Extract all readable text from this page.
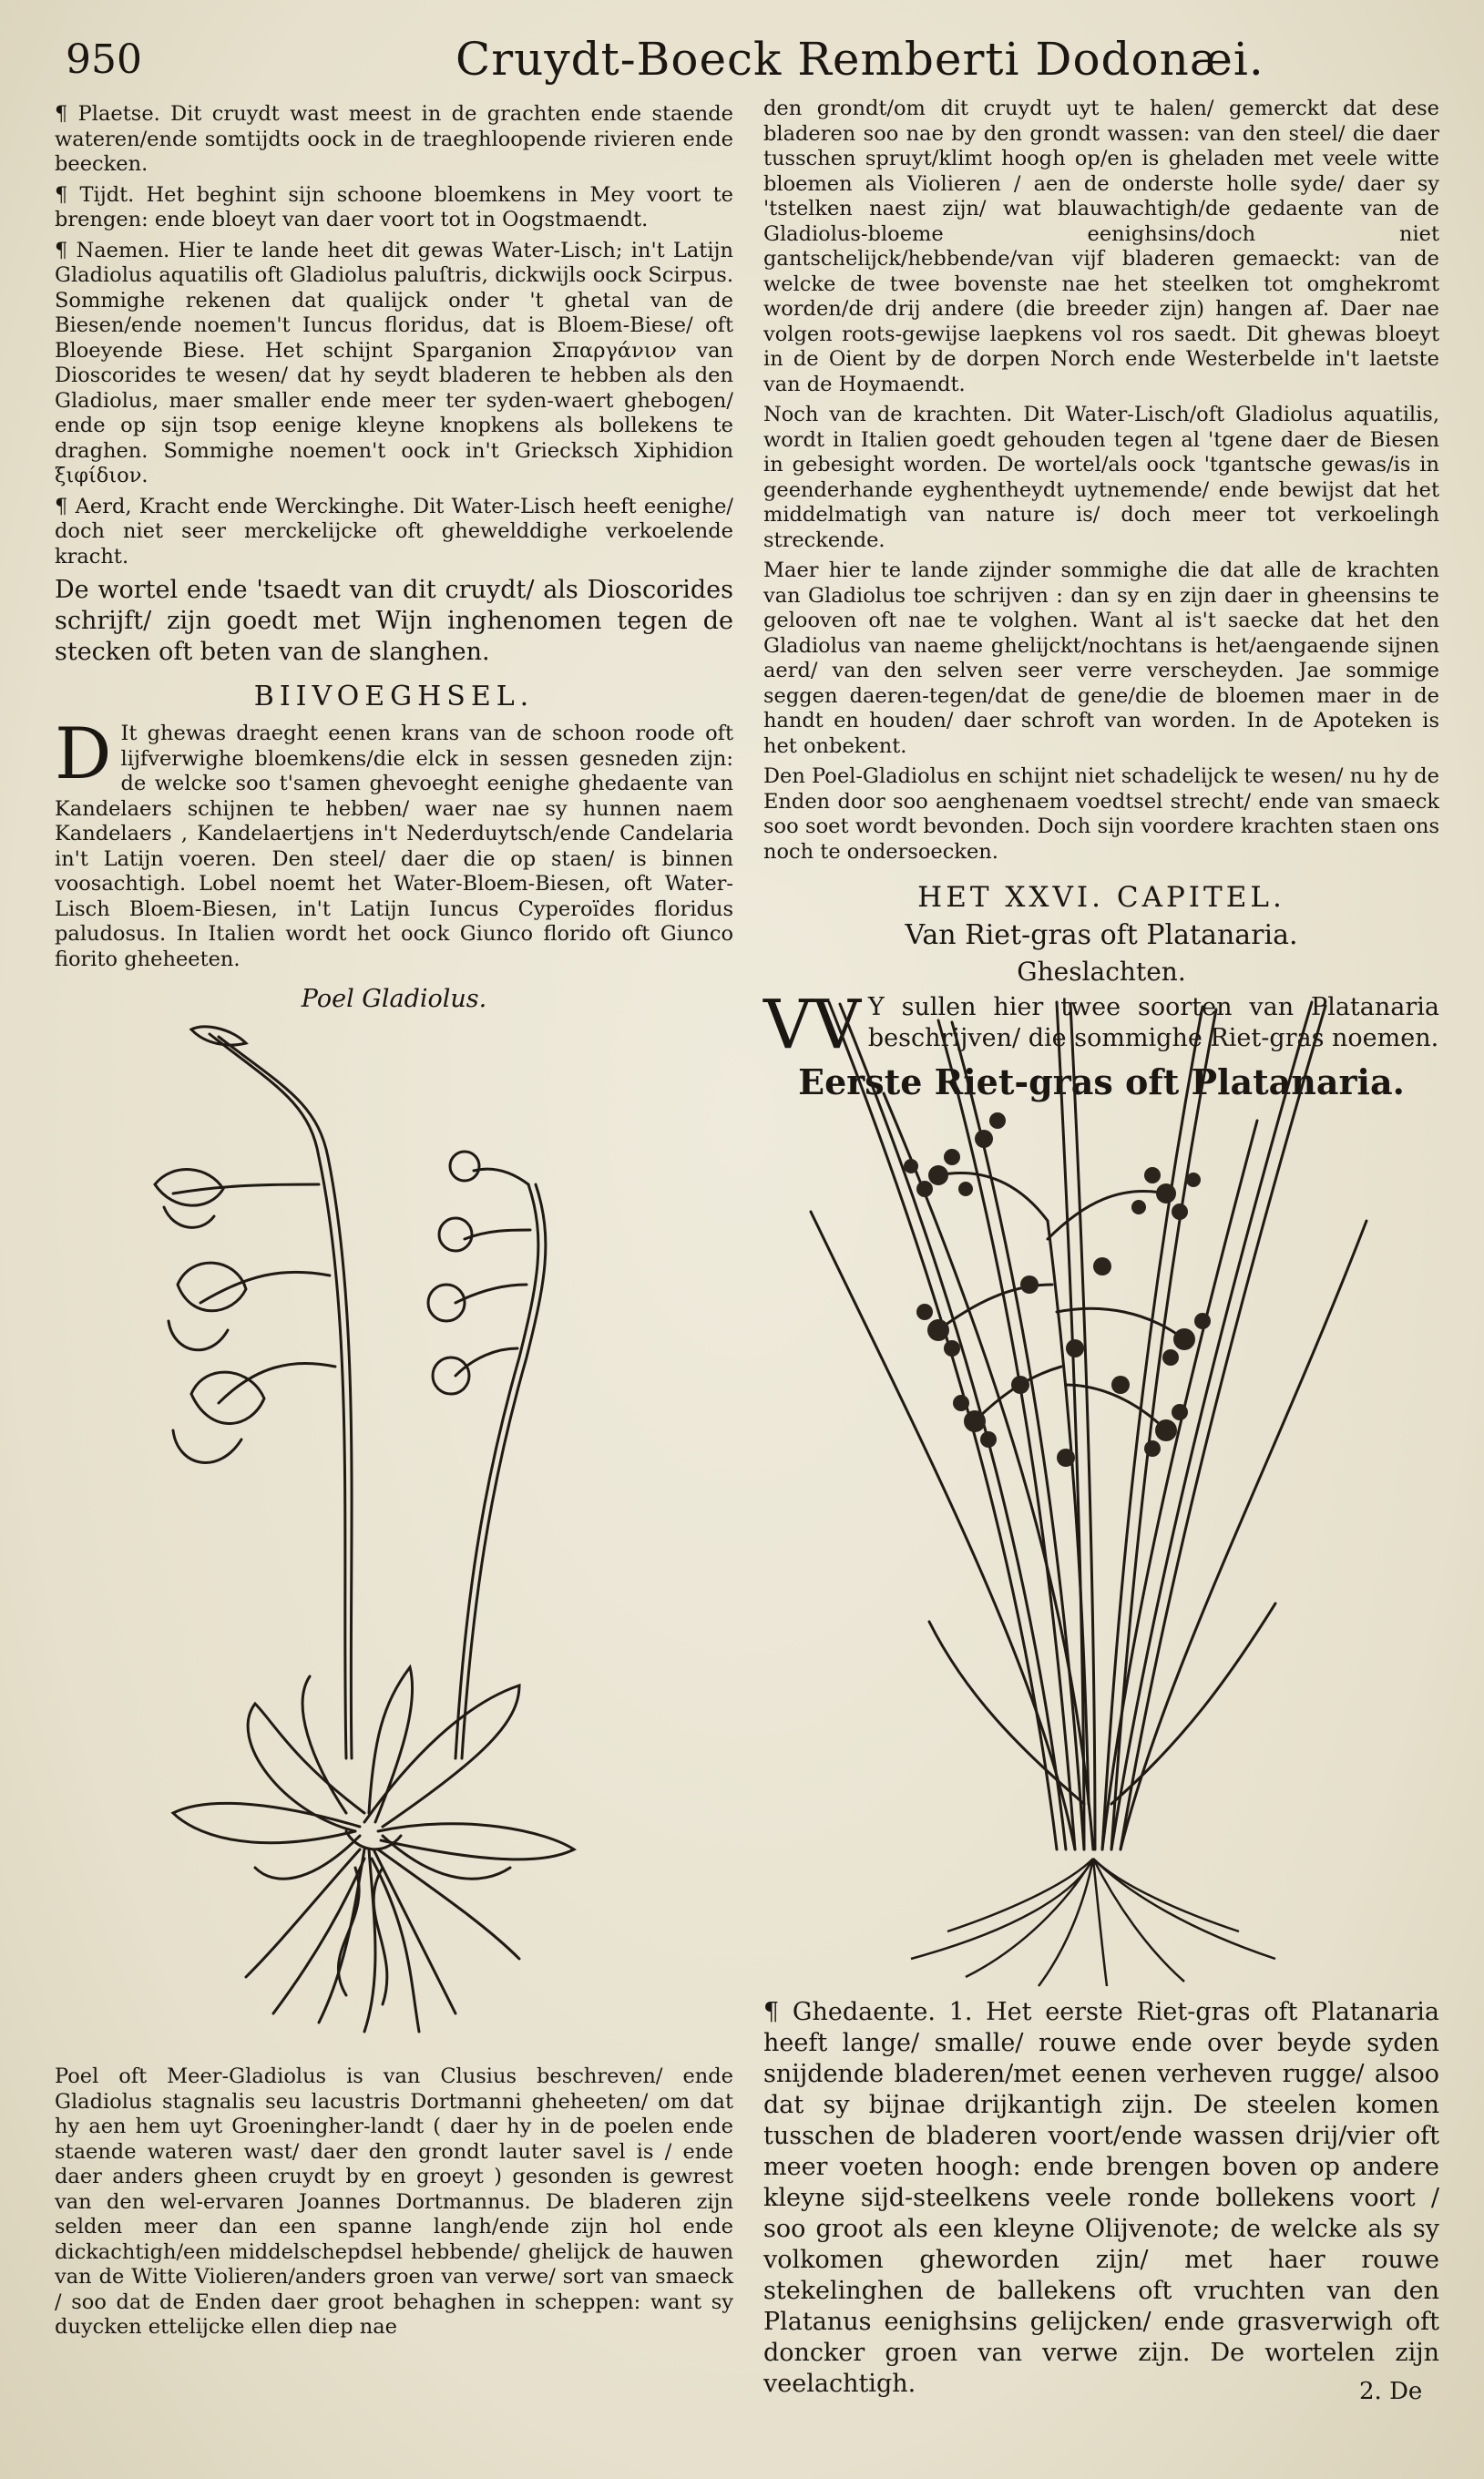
950	Cruydt-Boeck Remberti Dodonæi.

¶ Plaetse. Dit cruydt wast meest in de grachten ende staende wateren/ende somtijdts oock in de traeghloopende rivieren ende beecken.

¶ Tijdt. Het beghint sijn schoone bloemkens in Mey voort te brengen: ende bloeyt van daer voort tot in Oogstmaendt.

¶ Naemen. Hier te lande heet dit gewas Water-Lisch; in't Latijn Gladiolus aquatilis oft Gladiolus paluſtris, dickwijls oock Scirpus. Sommighe rekenen dat qualijck onder 't ghetal van de Biesen/ende noemen't Iuncus floridus, dat is Bloem-Biese/ oft Bloeyende Biese. Het schijnt Sparganion Σπαργάνιον van Dioscorides te wesen/ dat hy seydt bladeren te hebben als den Gladiolus, maer smaller ende meer ter syden-waert ghebogen/ ende op sijn tsop eenige kleyne knopkens als bollekens te draghen. Sommighe noemen't oock in't Griecksch Xiphidion ξιφίδιον.

¶ Aerd, Kracht ende Werckinghe. Dit Water-Lisch heeft eenighe/ doch niet seer merckelijcke oft ghewelddighe verkoelende kracht.

De wortel ende 'tsaedt van dit cruydt/ als Dioscorides schrijft/ zijn goedt met Wijn inghenomen tegen de stecken oft beten van de slanghen.

BIIVOEGHSEL.

D It ghewas draeght eenen krans van de schoon roode oft lijfverwighe bloemkens/die elck in sessen gesneden zijn: de welcke soo t'samen ghevoeght eenighe ghedaente van Kandelaers schijnen te hebben/ waer nae sy hunnen naem Kandelaers , Kandelaertjens in't Nederduytsch/ende Candelaria in't Latijn voeren. Den steel/ daer die op staen/ is binnen voosachtigh. Lobel noemt het Water-Bloem-Biesen, oft Water-Lisch Bloem-Biesen, in't Latijn Iuncus Cyperoïdes floridus paludosus. In Italien wordt het oock Giunco florido oft Giunco fiorito gheheeten.

Poel Gladiolus.

Poel oft Meer-Gladiolus is van Clusius beschreven/ ende Gladiolus stagnalis seu lacustris Dortmanni gheheeten/ om dat hy aen hem uyt Groeningher-landt ( daer hy in de poelen ende staende wateren wast/ daer den grondt lauter savel is / ende daer anders gheen cruydt by en groeyt ) gesonden is gewrest van den wel-ervaren Joannes Dortmannus. De bladeren zijn selden meer dan een spanne langh/ende zijn hol ende dickachtigh/een middelschepdsel hebbende/ ghelijck de hauwen van de Witte Violieren/anders groen van verwe/ sort van smaeck / soo dat de Enden daer groot behaghen in scheppen: want sy duycken ettelijcke ellen diep nae

den grondt/om dit cruydt uyt te halen/ gemerckt dat dese bladeren soo nae by den grondt wassen: van den steel/ die daer tusschen spruyt/klimt hoogh op/en is gheladen met veele witte bloemen als Violieren / aen de onderste holle syde/ daer sy 'tstelken naest zijn/ wat blauwachtigh/de gedaente van de Gladiolus-bloeme eenighsins/doch niet gantschelijck/hebbende/van vijf bladeren gemaeckt: van de welcke de twee bovenste nae het steelken tot omghekromt worden/de drij andere (die breeder zijn) hangen af. Daer nae volgen roots-gewijse laepkens vol ros saedt. Dit ghewas bloeyt in de Oient by de dorpen Norch ende Westerbelde in't laetste van de Hoymaendt.

Noch van de krachten. Dit Water-Lisch/oft Gladiolus aquatilis, wordt in Italien goedt gehouden tegen al 'tgene daer de Biesen in gebesight worden. De wortel/als oock 'tgantsche gewas/is in geenderhande eyghentheydt uytnemende/ ende bewijst dat het middelmatigh van nature is/ doch meer tot verkoelingh streckende.

Maer hier te lande zijnder sommighe die dat alle de krachten van Gladiolus toe schrijven : dan sy en zijn daer in gheensins te gelooven oft nae te volghen. Want al is't saecke dat het den Gladiolus van naeme ghelijckt/nochtans is het/aengaende sijnen aerd/ van den selven seer verre verscheyden. Jae sommige seggen daeren-tegen/dat de gene/die de bloemen maer in de handt en houden/ daer schroft van worden. In de Apoteken is het onbekent.

Den Poel-Gladiolus en schijnt niet schadelijck te wesen/ nu hy de Enden door soo aenghenaem voedtsel strecht/ ende van smaeck soo soet wordt bevonden. Doch sijn voordere krachten staen ons noch te ondersoecken.

HET XXVI. CAPITEL.
Van Riet-gras oft Platanaria.
Gheslachten.

VV Y sullen hier twee soorten van Platanaria beschrijven/ die sommighe Riet-gras noemen.

Eerste Riet-gras oft Platanaria.

¶ Ghedaente. 1. Het eerste Riet-gras oft Platanaria heeft lange/ smalle/ rouwe ende over beyde syden snijdende bladeren/met eenen verheven rugge/ alsoo dat sy bijnae drijkantigh zijn. De steelen komen tusschen de bladeren voort/ende wassen drij/vier oft meer voeten hoogh: ende brengen boven op andere kleyne sijd-steelkens veele ronde bollekens voort / soo groot als een kleyne Olijvenote; de welcke als sy volkomen gheworden zijn/ met haer rouwe stekelinghen de ballekens oft vruchten van den Platanus eenighsins gelijcken/ ende grasverwigh oft doncker groen van verwe zijn. De wortelen zijn veelachtigh.	2. De
